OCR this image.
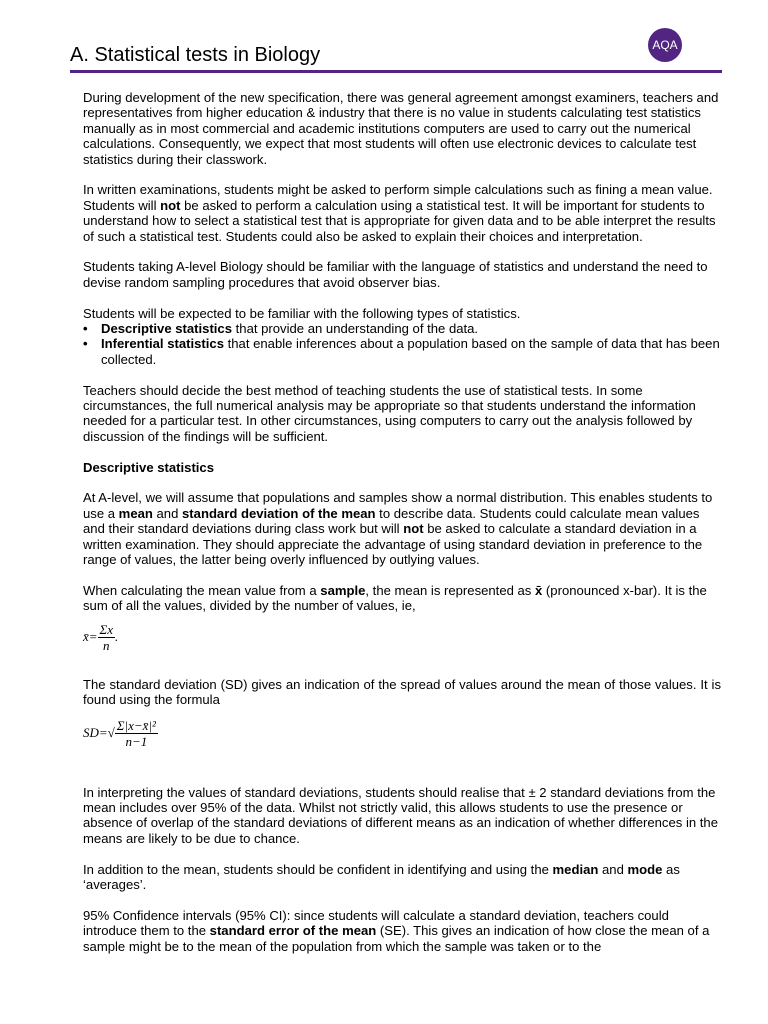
A. Statistical tests in Biology	AQA

During development of the new specification, there was general agreement amongst examiners, teachers and representatives from higher education & industry that there is no value in students calculating test statistics manually as in most commercial and academic institutions computers are used to carry out the numerical calculations. Consequently, we expect that most students will often use electronic devices to calculate test statistics during their classwork.

In written examinations, students might be asked to perform simple calculations such as fining a mean value. Students will not be asked to perform a calculation using a statistical test. It will be important for students to understand how to select a statistical test that is appropriate for given data and to be able interpret the results of such a statistical test. Students could also be asked to explain their choices and interpretation.

Students taking A-level Biology should be familiar with the language of statistics and understand the need to devise random sampling procedures that avoid observer bias.

Students will be expected to be familiar with the following types of statistics.

• Descriptive statistics that provide an understanding of the data.
• Inferential statistics that enable inferences about a population based on the sample of data that has been collected.

Teachers should decide the best method of teaching students the use of statistical tests. In some circumstances, the full numerical analysis may be appropriate so that students understand the information needed for a particular test. In other circumstances, using computers to carry out the analysis followed by discussion of the findings will be sufficient.

Descriptive statistics

At A-level, we will assume that populations and samples show a normal distribution. This enables students to use a mean and standard deviation of the mean to describe data. Students could calculate mean values and their standard deviations during class work but will not be asked to calculate a standard deviation in a written examination. They should appreciate the advantage of using standard deviation in preference to the range of values, the latter being overly influenced by outlying values.

When calculating the mean value from a sample, the mean is represented as x̄ (pronounced x-bar). It is the sum of all the values, divided by the number of values, ie,

x̄= $\frac{\Sigma x}{n}$ .

The standard deviation (SD) gives an indication of the spread of values around the mean of those values. It is found using the formula

$SD=√ \frac{\text{Σ|x−x̄|²}}{n-1}$

In interpreting the values of standard deviations, students should realise that ± 2 standard deviations from the mean includes over 95% of the data. Whilst not strictly valid, this allows students to use the presence or absence of overlap of the standard deviations of different means as an indication of whether differences in the means are likely to be due to chance.

In addition to the mean, students should be confident in identifying and using the median and mode as ‘averages’.

95% Confidence intervals (95% CI): since students will calculate a standard deviation, teachers could introduce them to the standard error of the mean (SE). This gives an indication of how close the mean of a sample might be to the mean of the population from which the sample was taken or to the
